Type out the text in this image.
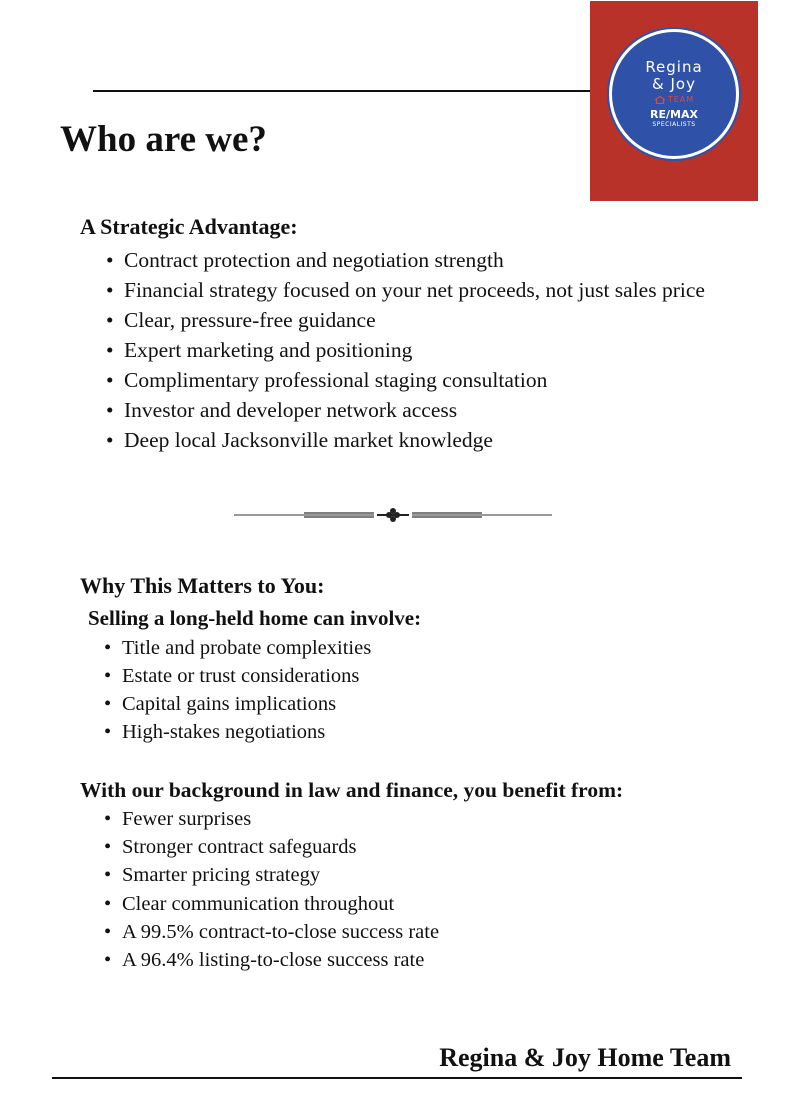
Regina
& Joy
TEAM
RE/MAX
SPECIALISTS
Who are we?
A Strategic Advantage:
• Contract protection and negotiation strength
• Financial strategy focused on your net proceeds, not just sales price
• Clear, pressure-free guidance
• Expert marketing and positioning
• Complimentary professional staging consultation
• Investor and developer network access
• Deep local Jacksonville market knowledge
Why This Matters to You:
Selling a long-held home can involve:
• Title and probate complexities
• Estate or trust considerations
• Capital gains implications
• High-stakes negotiations
With our background in law and finance, you benefit from:
• Fewer surprises
• Stronger contract safeguards
• Smarter pricing strategy
• Clear communication throughout
• A 99.5% contract-to-close success rate
• A 96.4% listing-to-close success rate

Regina & Joy Home Team
